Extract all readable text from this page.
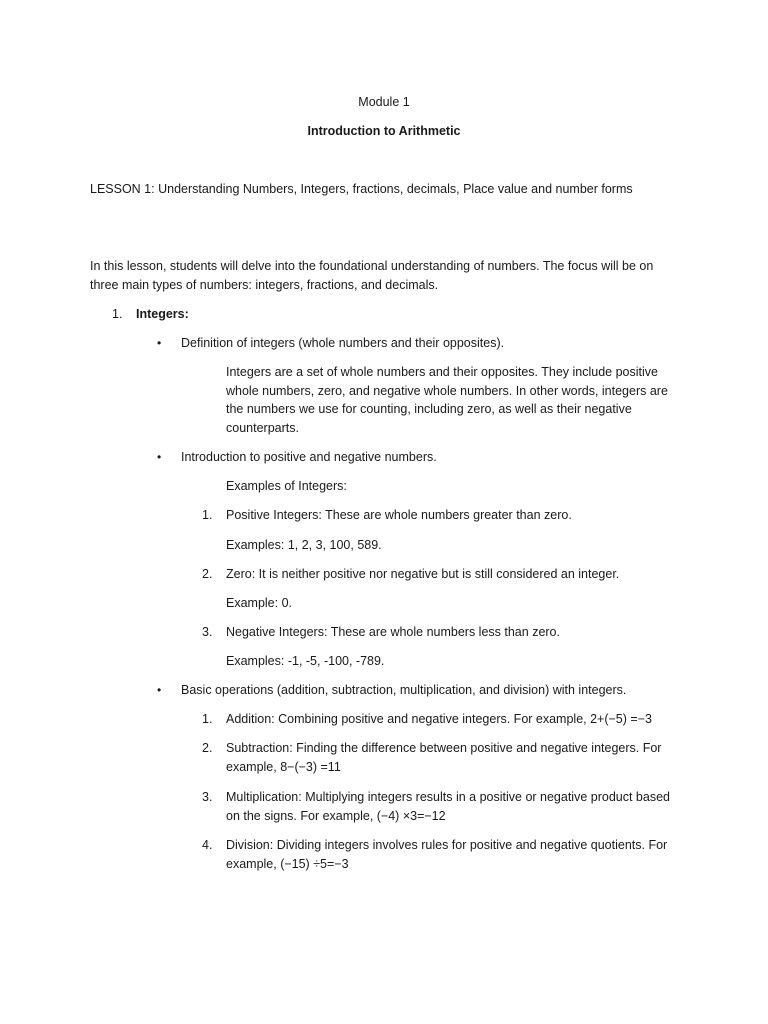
Module 1
Introduction to Arithmetic
LESSON 1: Understanding Numbers, Integers, fractions, decimals, Place value and number forms
In this lesson, students will delve into the foundational understanding of numbers. The focus will be on three main types of numbers: integers, fractions, and decimals.
1. Integers:
•	Definition of integers (whole numbers and their opposites).
Integers are a set of whole numbers and their opposites. They include positive whole numbers, zero, and negative whole numbers. In other words, integers are the numbers we use for counting, including zero, as well as their negative counterparts.
•	Introduction to positive and negative numbers.
Examples of Integers:
1.	Positive Integers: These are whole numbers greater than zero.
Examples: 1, 2, 3, 100, 589.
2.	Zero: It is neither positive nor negative but is still considered an integer.
Example: 0.
3.	Negative Integers: These are whole numbers less than zero.
Examples: -1, -5, -100, -789.
•	Basic operations (addition, subtraction, multiplication, and division) with integers.
1.	Addition: Combining positive and negative integers. For example, 2+(−5) =−3
2.	Subtraction: Finding the difference between positive and negative integers. For example, 8−(−3) =11
3.	Multiplication: Multiplying integers results in a positive or negative product based on the signs. For example, (−4) ×3=−12
4.	Division: Dividing integers involves rules for positive and negative quotients. For example, (−15) ÷5=−3
